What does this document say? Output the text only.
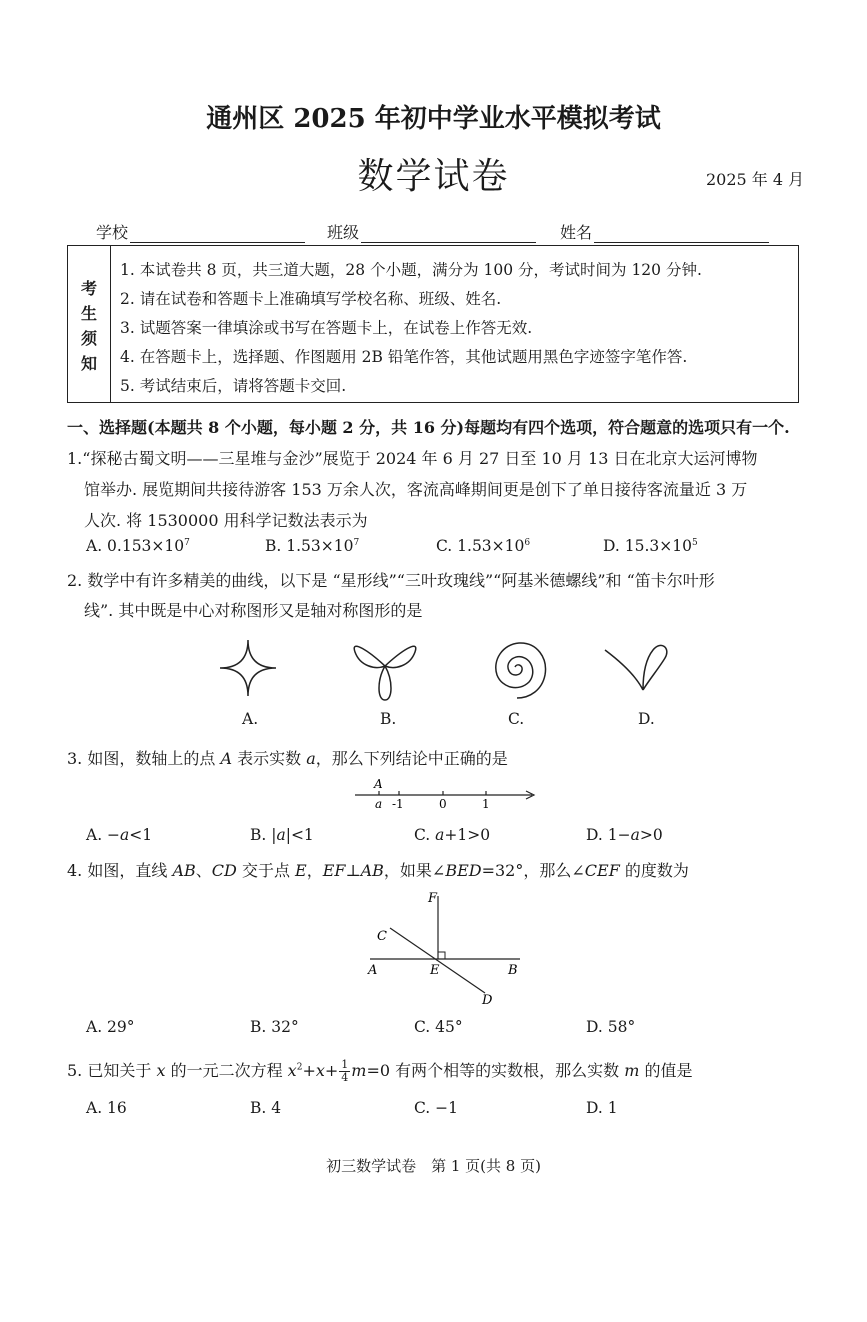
通州区 2025 年初中学业水平模拟考试
数学试卷	2025 年 4 月
学校	班级	姓名
考
生
须
知
1. 本试卷共 8 页，共三道大题，28 个小题，满分为 100 分，考试时间为 120 分钟.
2. 请在试卷和答题卡上准确填写学校名称、班级、姓名.
3. 试题答案一律填涂或书写在答题卡上，在试卷上作答无效.
4. 在答题卡上，选择题、作图题用 2B 铅笔作答，其他试题用黑色字迹签字笔作答.
5. 考试结束后，请将答题卡交回.
一、选择题(本题共 8 个小题，每小题 2 分，共 16 分)每题均有四个选项，符合题意的选项只有一个.
1.“探秘古蜀文明——三星堆与金沙”展览于 2024 年 6 月 27 日至 10 月 13 日在北京大运河博物
馆举办. 展览期间共接待游客 153 万余人次，客流高峰期间更是创下了单日接待客流量近 3 万
人次. 将 1530000 用科学记数法表示为
A. $0.153\times 10^7$	B. $1.53\times 10^7$	C. $1.53\times 10^6$	D. $15.3\times 10^5$
2. 数学中有许多精美的曲线，以下是 “星形线”“三叶玫瑰线”“阿基米德螺线”和 “笛卡尔叶形
线”. 其中既是中心对称图形又是轴对称图形的是
A.	B.	C.	D.
3. 如图，数轴上的点 A 表示实数 a，那么下列结论中正确的是
A
a -1	0	1
A. −a<1	B. |a|<1	C. a+1>0	D. 1−a>0
4. 如图，直线 AB、CD 交于点 E，EF⊥AB，如果∠BED=32°，那么∠CEF 的度数为
F
C
A	E	B
D
A. 29°	B. 32°	C. 45°	D. 58°
5. 已知关于 x 的一元二次方程 $x^2+x+ \frac{1}{4} m=0$ 有两个相等的实数根，那么实数 m 的值是
A. 16	B. 4	C. −1	D. 1
初三数学试卷　第 1 页(共 8 页)
